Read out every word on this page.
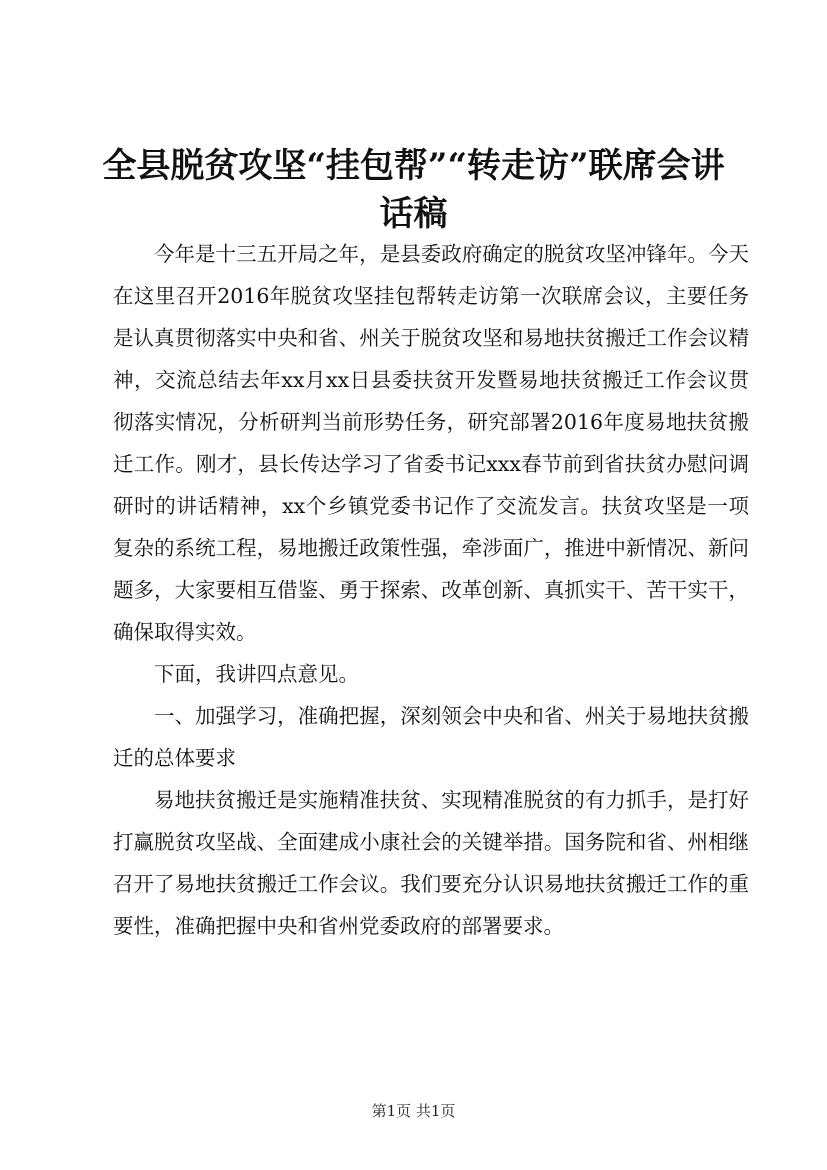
全县脱贫攻坚“挂包帮”“转走访”联席会讲话稿

今年是十三五开局之年，是县委政府确定的脱贫攻坚冲锋年。今天在这里召开2016年脱贫攻坚挂包帮转走访第一次联席会议，主要任务是认真贯彻落实中央和省、州关于脱贫攻坚和易地扶贫搬迁工作会议精神，交流总结去年xx月xx日县委扶贫开发暨易地扶贫搬迁工作会议贯彻落实情况，分析研判当前形势任务，研究部署2016年度易地扶贫搬迁工作。刚才，县长传达学习了省委书记xxx春节前到省扶贫办慰问调研时的讲话精神，xx个乡镇党委书记作了交流发言。扶贫攻坚是一项复杂的系统工程，易地搬迁政策性强，牵涉面广，推进中新情况、新问题多，大家要相互借鉴、勇于探索、改革创新、真抓实干、苦干实干，确保取得实效。

下面，我讲四点意见。

一、加强学习，准确把握，深刻领会中央和省、州关于易地扶贫搬迁的总体要求

易地扶贫搬迁是实施精准扶贫、实现精准脱贫的有力抓手，是打好打赢脱贫攻坚战、全面建成小康社会的关键举措。国务院和省、州相继召开了易地扶贫搬迁工作会议。我们要充分认识易地扶贫搬迁工作的重要性，准确把握中央和省州党委政府的部署要求。

第1页 共1页
